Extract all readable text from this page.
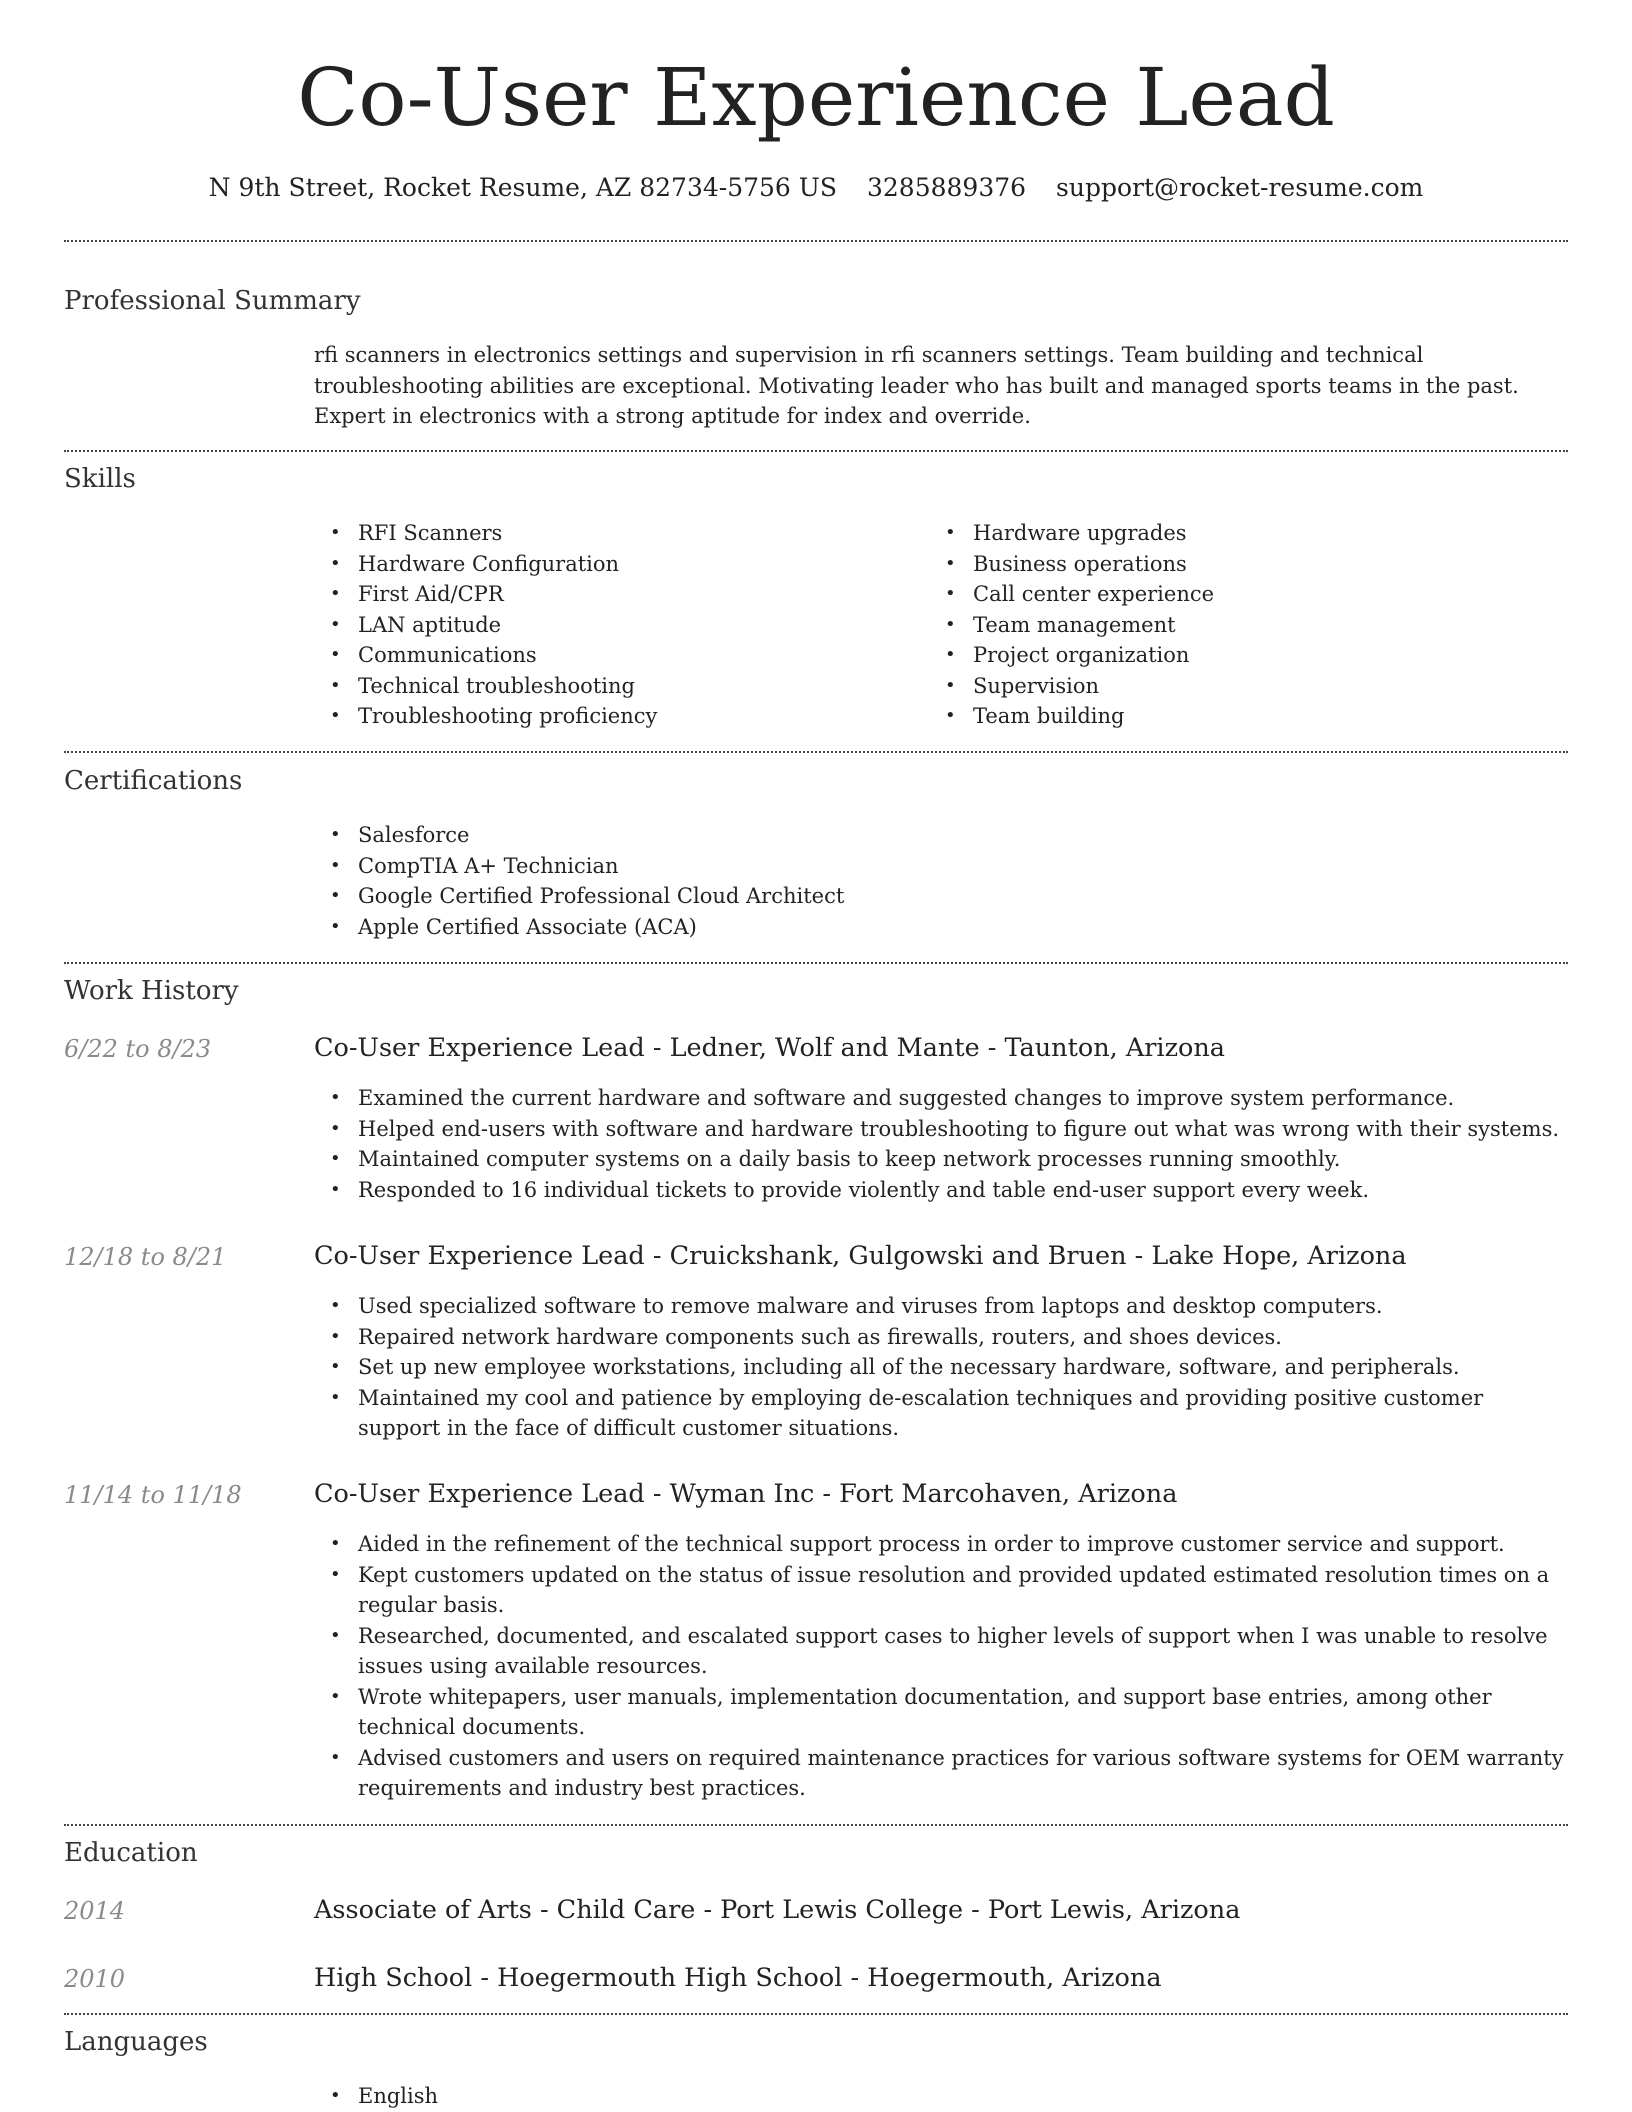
Co-User Experience Lead
N 9th Street, Rocket Resume, AZ 82734-5756 US 3285889376 support@rocket-resume.com
Professional Summary

rfi scanners in electronics settings and supervision in rfi scanners settings. Team building and technical troubleshooting abilities are exceptional. Motivating leader who has built and managed sports teams in the past. Expert in electronics with a strong aptitude for index and override.

Skills
• RFI Scanners
• Hardware Configuration
• First Aid/CPR
• LAN aptitude
• Communications
• Technical troubleshooting
• Troubleshooting proficiency
• Hardware upgrades
• Business operations
• Call center experience
• Team management
• Project organization
• Supervision
• Team building
Certifications
• Salesforce
• CompTIA A+ Technician
• Google Certified Professional Cloud Architect
• Apple Certified Associate (ACA)
Work History
6/22 to 8/23	Co-User Experience Lead - Ledner, Wolf and Mante - Taunton, Arizona
• Examined the current hardware and software and suggested changes to improve system performance.
• Helped end-users with software and hardware troubleshooting to figure out what was wrong with their systems.
• Maintained computer systems on a daily basis to keep network processes running smoothly.
• Responded to 16 individual tickets to provide violently and table end-user support every week.
12/18 to 8/21	Co-User Experience Lead - Cruickshank, Gulgowski and Bruen - Lake Hope, Arizona
• Used specialized software to remove malware and viruses from laptops and desktop computers.
• Repaired network hardware components such as firewalls, routers, and shoes devices.
• Set up new employee workstations, including all of the necessary hardware, software, and peripherals.
• Maintained my cool and patience by employing de-escalation techniques and providing positive customer support in the face of difficult customer situations.
11/14 to 11/18	Co-User Experience Lead - Wyman Inc - Fort Marcohaven, Arizona
• Aided in the refinement of the technical support process in order to improve customer service and support.
• Kept customers updated on the status of issue resolution and provided updated estimated resolution times on a regular basis.
• Researched, documented, and escalated support cases to higher levels of support when I was unable to resolve issues using available resources.
• Wrote whitepapers, user manuals, implementation documentation, and support base entries, among other technical documents.
• Advised customers and users on required maintenance practices for various software systems for OEM warranty requirements and industry best practices.
Education
2014	Associate of Arts - Child Care - Port Lewis College - Port Lewis, Arizona
2010	High School - Hoegermouth High School - Hoegermouth, Arizona
Languages
• English
